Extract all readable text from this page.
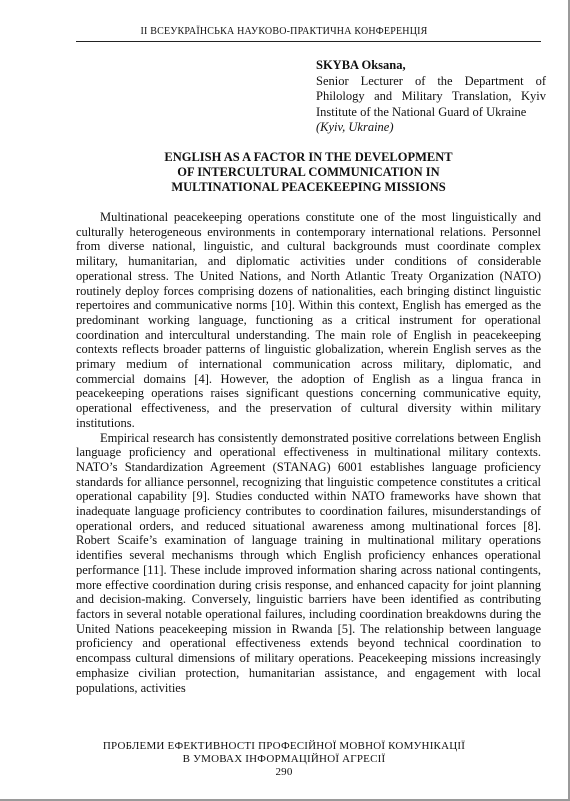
II ВСЕУКРАЇНСЬКА НАУКОВО-ПРАКТИЧНА КОНФЕРЕНЦІЯ
SKYBA Oksana,
Senior Lecturer of the Department of Philology and Military Translation, Kyiv Institute of the National Guard of Ukraine
(Kyiv, Ukraine)
ENGLISH AS A FACTOR IN THE DEVELOPMENT
OF INTERCULTURAL COMMUNICATION IN
MULTINATIONAL PEACEKEEPING MISSIONS

Multinational peacekeeping operations constitute one of the most linguistically and culturally heterogeneous environments in contemporary international relations. Personnel from diverse national, linguistic, and cultural backgrounds must coordinate complex military, humanitarian, and diplomatic activities under conditions of considerable operational stress. The United Nations, and North Atlantic Treaty Organization (NATO) routinely deploy forces comprising dozens of nationalities, each bringing distinct linguistic repertoires and communicative norms [10]. Within this context, English has emerged as the predominant working language, functioning as a critical instrument for operational coordination and intercultural understanding. The main role of English in peacekeeping contexts reflects broader patterns of linguistic globalization, wherein English serves as the primary medium of international communication across military, diplomatic, and commercial domains [4]. However, the adoption of English as a lingua franca in peacekeeping operations raises significant questions concerning communicative equity, operational effectiveness, and the preservation of cultural diversity within military institutions.

Empirical research has consistently demonstrated positive correlations between English language proficiency and operational effectiveness in multinational military contexts. NATO’s Standardization Agreement (STANAG) 6001 establishes language proficiency standards for alliance personnel, recognizing that linguistic competence constitutes a critical operational capability [9]. Studies conducted within NATO frameworks have shown that inadequate language proficiency contributes to coordination failures, misunderstandings of operational orders, and reduced situational awareness among multinational forces [8]. Robert Scaife’s examination of language training in multinational military operations identifies several mechanisms through which English proficiency enhances operational performance [11]. These include improved information sharing across national contingents, more effective coordination during crisis response, and enhanced capacity for joint planning and decision-making. Conversely, linguistic barriers have been identified as contributing factors in several notable operational failures, including coordination breakdowns during the United Nations peacekeeping mission in Rwanda [5]. The relationship between language proficiency and operational effectiveness extends beyond technical coordination to encompass cultural dimensions of military operations. Peacekeeping missions increasingly emphasize civilian protection, humanitarian assistance, and engagement with local populations, activities

ПРОБЛЕМИ ЕФЕКТИВНОСТІ ПРОФЕСІЙНОЇ МОВНОЇ КОМУНІКАЦІЇ
В УМОВАХ ІНФОРМАЦІЙНОЇ АГРЕСІЇ
290
